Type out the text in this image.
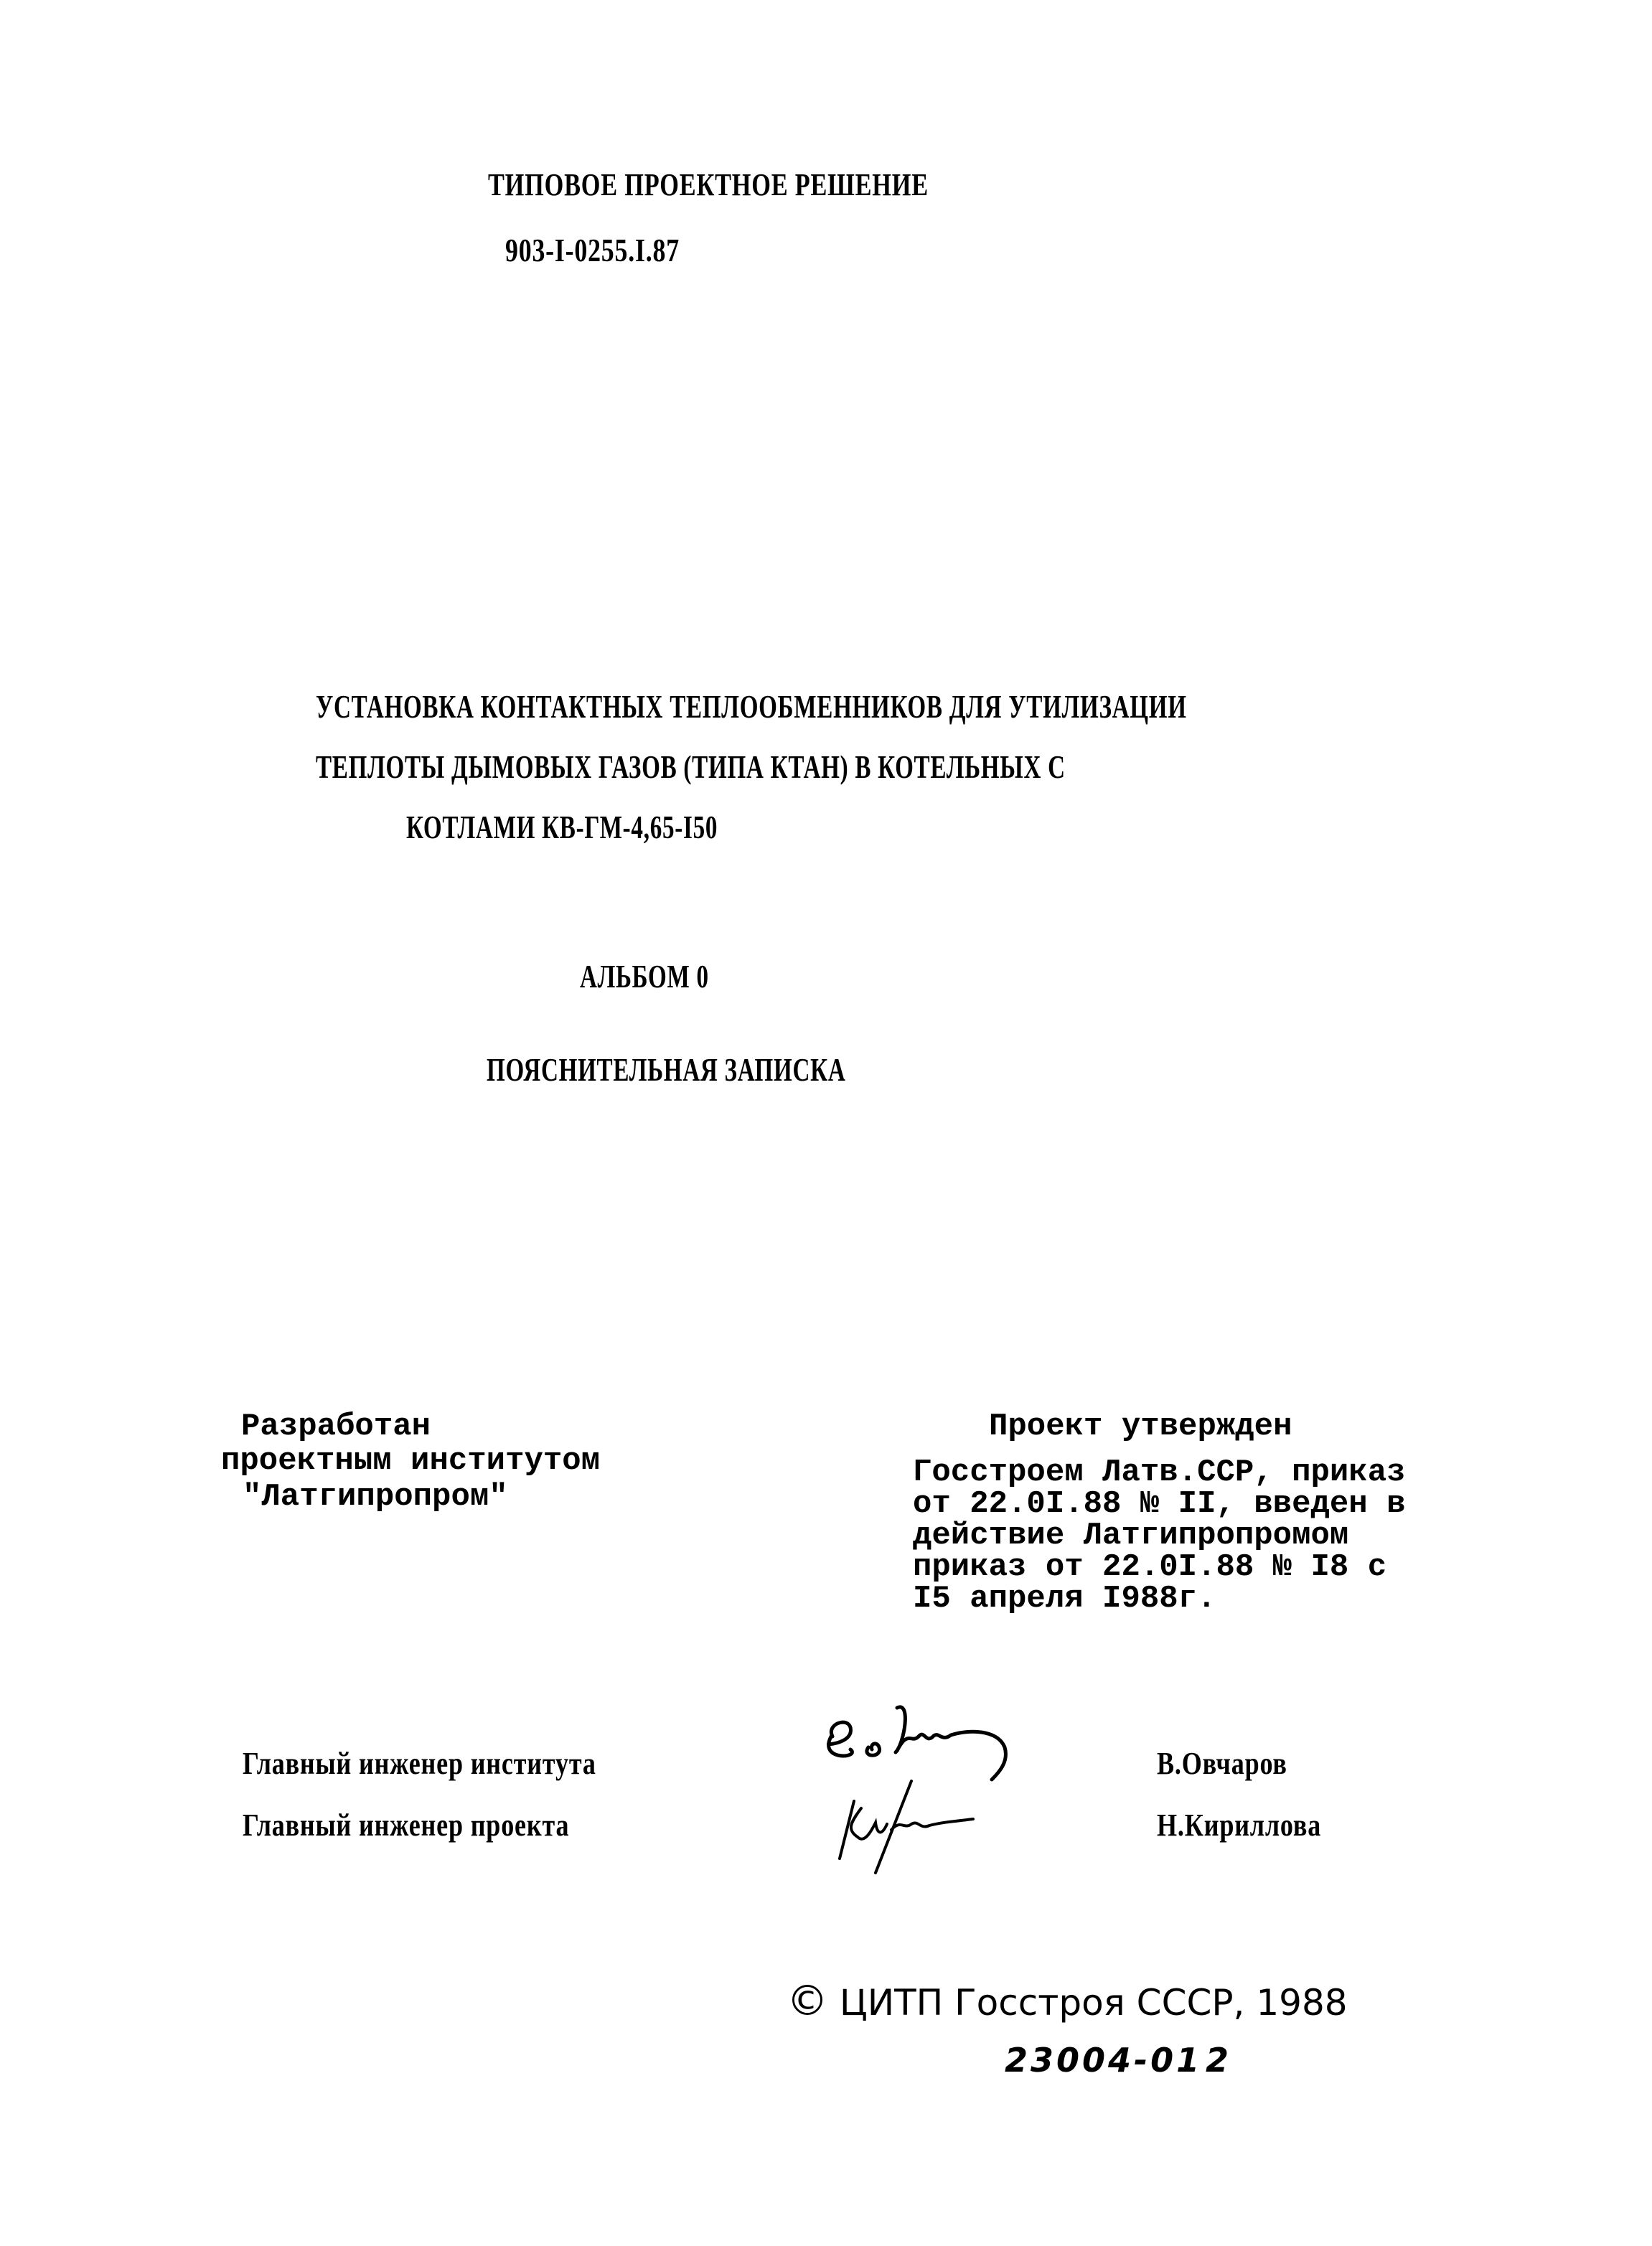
ТИПОВОЕ ПРОЕКТНОЕ РЕШЕНИЕ
903-I-0255.I.87
УСТАНОВКА КОНТАКТНЫХ ТЕПЛООБМЕННИКОВ ДЛЯ УТИЛИЗАЦИИ
ТЕПЛОТЫ ДЫМОВЫХ ГАЗОВ (ТИПА КТАН) В КОТЕЛЬНЫХ С
КОТЛАМИ КВ-ГМ-4,65-I50
АЛЬБОМ 0
ПОЯСНИТЕЛЬНАЯ ЗАПИСКА
Разработан
проектным институтом
"Латгипропром"
Проект утвержден
Госстроем Латв.ССР, приказ
от 22.0I.88 № II, введен в
действие Латгипропромом
приказ от 22.0I.88 № I8 с
I5 апреля I988г.
Главный инженер института
Главный инженер проекта
В.Овчаров
Н.Кириллова
© ЦИТП Госстроя СССР, 1988
23004-01 2
